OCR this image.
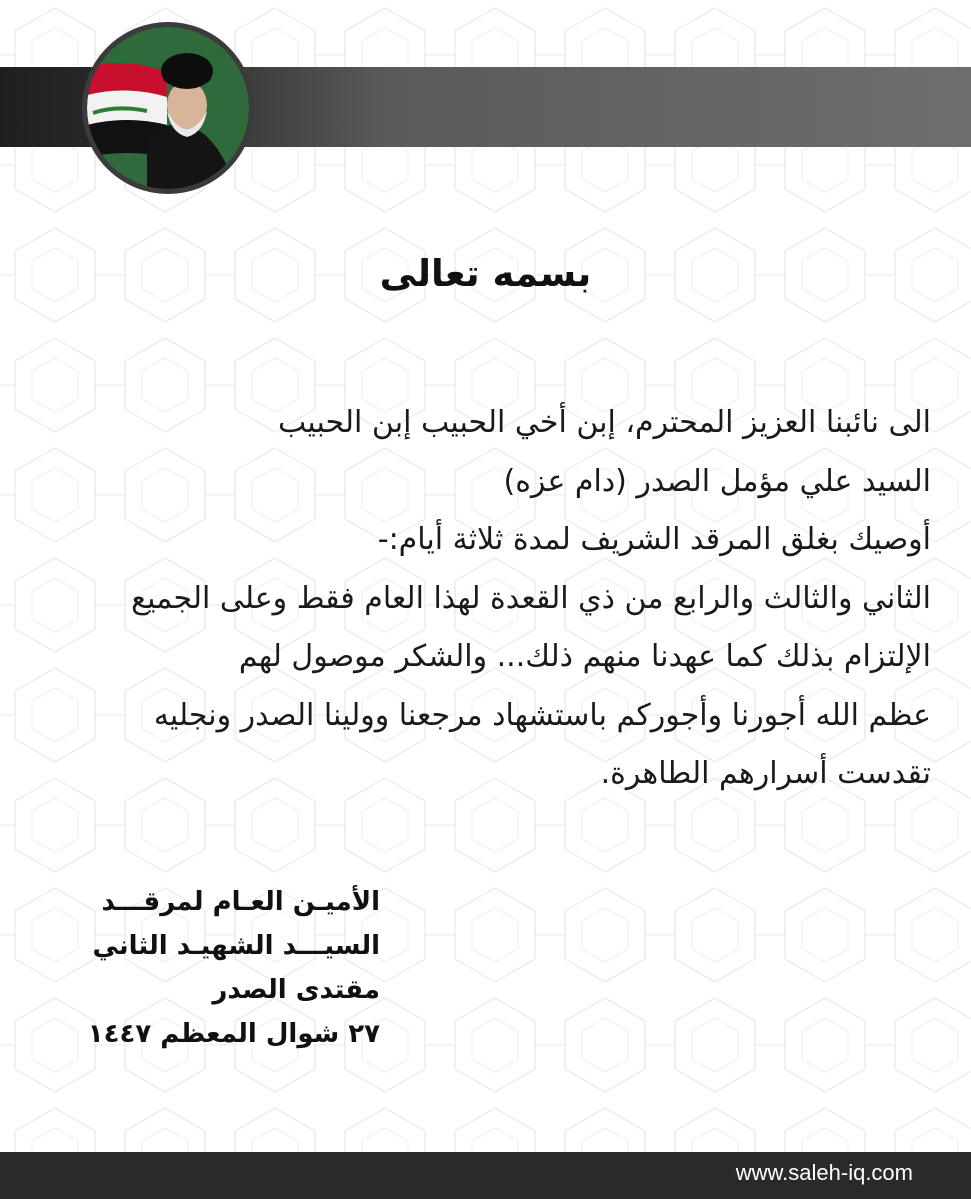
بسمه تعالى
الى نائبنا العزيز المحترم، إبن أخي الحبيب إبن الحبيب
السيد علي مؤمل الصدر (دام عزه)
أوصيك بغلق المرقد الشريف لمدة ثلاثة أيام:-
الثاني والثالث والرابع من ذي القعدة لهذا العام فقط وعلى الجميع
الإلتزام بذلك كما عهدنا منهم ذلك... والشكر موصول لهم
عظم الله أجورنا وأجوركم باستشهاد مرجعنا وولينا الصدر ونجليه
تقدست أسرارهم الطاهرة.
الأميـن العـام لمرقـــد
السيـــد الشهيـد الثاني
مقتدى الصدر
٢٧ شوال المعظم ١٤٤٧
www.saleh-iq.com
